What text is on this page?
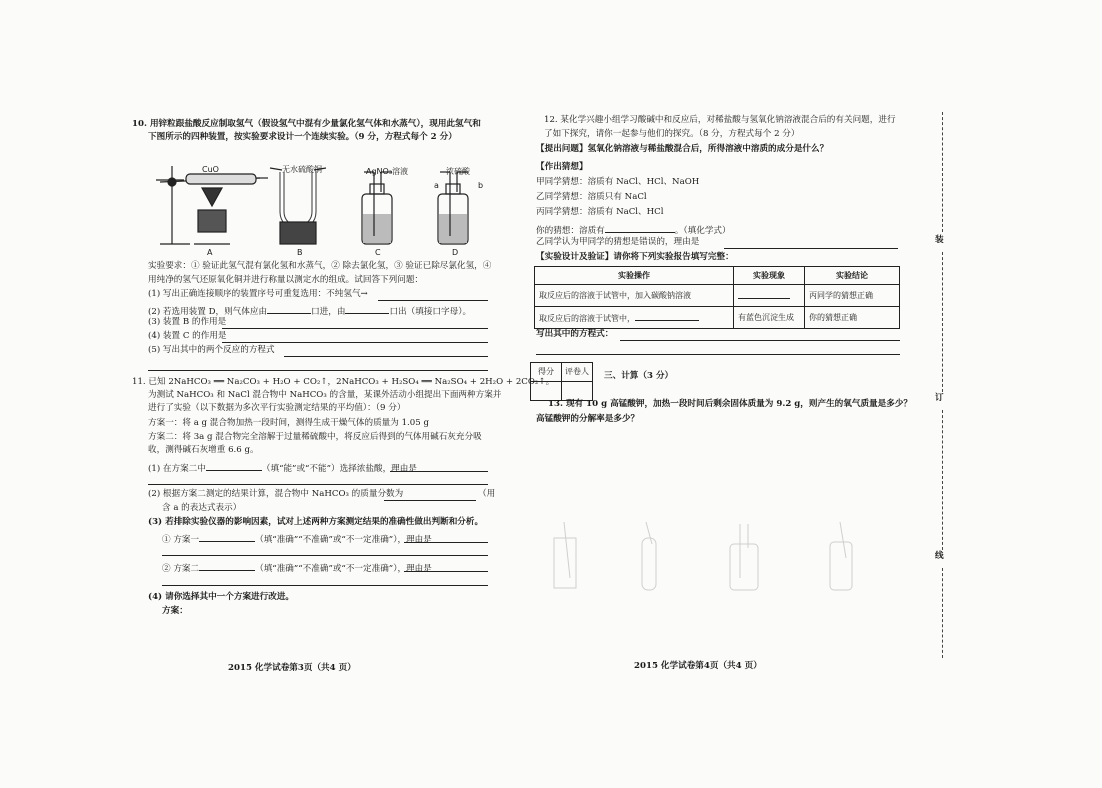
10. 用锌粒跟盐酸反应制取氢气（假设氢气中混有少量氯化氢气体和水蒸气），现用此氢气和
下图所示的四种装置，按实验要求设计一个连续实验。（9 分，方程式每个 2 分）
CuO	无水硫酸铜	AgNO₃溶液	浓硫酸
a	b
A	B	C	D
实验要求：① 验证此氢气混有氯化氢和水蒸气，② 除去氯化氢，③ 验证已除尽氯化氢，④
用纯净的氢气还原氧化铜并进行称量以测定水的组成。试回答下列问题：
(1) 写出正确连接顺序的装置序号可重复选用：不纯氢气→
(2) 若选用装置 D，则气体应由	口进，由	口出（填接口字母）。
(3) 装置 B 的作用是
(4) 装置 C 的作用是
(5) 写出其中的两个反应的方程式
11. 已知 2NaHCO₃ ══ Na₂CO₃ + H₂O + CO₂↑，2NaHCO₃ + H₂SO₄ ══ Na₂SO₄ + 2H₂O + 2CO₂↑。
为测试 NaHCO₃ 和 NaCl 混合物中 NaHCO₃ 的含量，某课外活动小组提出下面两种方案并
进行了实验（以下数据为多次平行实验测定结果的平均值）：（9 分）
方案一：将 a g 混合物加热一段时间，测得生成干燥气体的质量为 1.05 g
方案二：将 3a g 混合物完全溶解于过量稀硫酸中，将反应后得到的气体用碱石灰充分吸
收，测得碱石灰增重 6.6 g。
(1) 在方案二中	（填“能”或“不能”）选择浓盐酸，理由是
(2) 根据方案二测定的结果计算，混合物中 NaHCO₃ 的质量分数为	（用
含 a 的表达式表示）
(3) 若排除实验仪器的影响因素，试对上述两种方案测定结果的准确性做出判断和分析。
① 方案一	（填“准确”“不准确”或“不一定准确”），理由是
② 方案二	（填“准确”“不准确”或“不一定准确”），理由是
(4) 请你选择其中一个方案进行改进。
方案：
2015 化学试卷第3页（共4 页）
12. 某化学兴趣小组学习酸碱中和反应后，对稀盐酸与氢氧化钠溶液混合后的有关问题，进行
了如下探究，请你一起参与他们的探究。（8 分，方程式每个 2 分）
【提出问题】氢氧化钠溶液与稀盐酸混合后，所得溶液中溶质的成分是什么？
【作出猜想】
甲同学猜想：溶质有 NaCl、HCl、NaOH
乙同学猜想：溶质只有 NaCl
丙同学猜想：溶质有 NaCl、HCl
你的猜想：溶质有	。（填化学式）
乙同学认为甲同学的猜想是错误的，理由是
【实验设计及验证】请你将下列实验报告填写完整：
实验操作	实验现象	实验结论
取反应后的溶液于试管中，加入碳酸钠溶液		丙同学的猜想正确
取反应后的溶液于试管中，	有蓝色沉淀生成	你的猜想正确
写出其中的方程式：
得分	评卷人
	三、计算（3 分）
13. 现有 10 g 高锰酸钾，加热一段时间后剩余固体质量为 9.2 g，则产生的氧气质量是多少？
高锰酸钾的分解率是多少？
2015 化学试卷第4页（共4 页）
装
订
线
